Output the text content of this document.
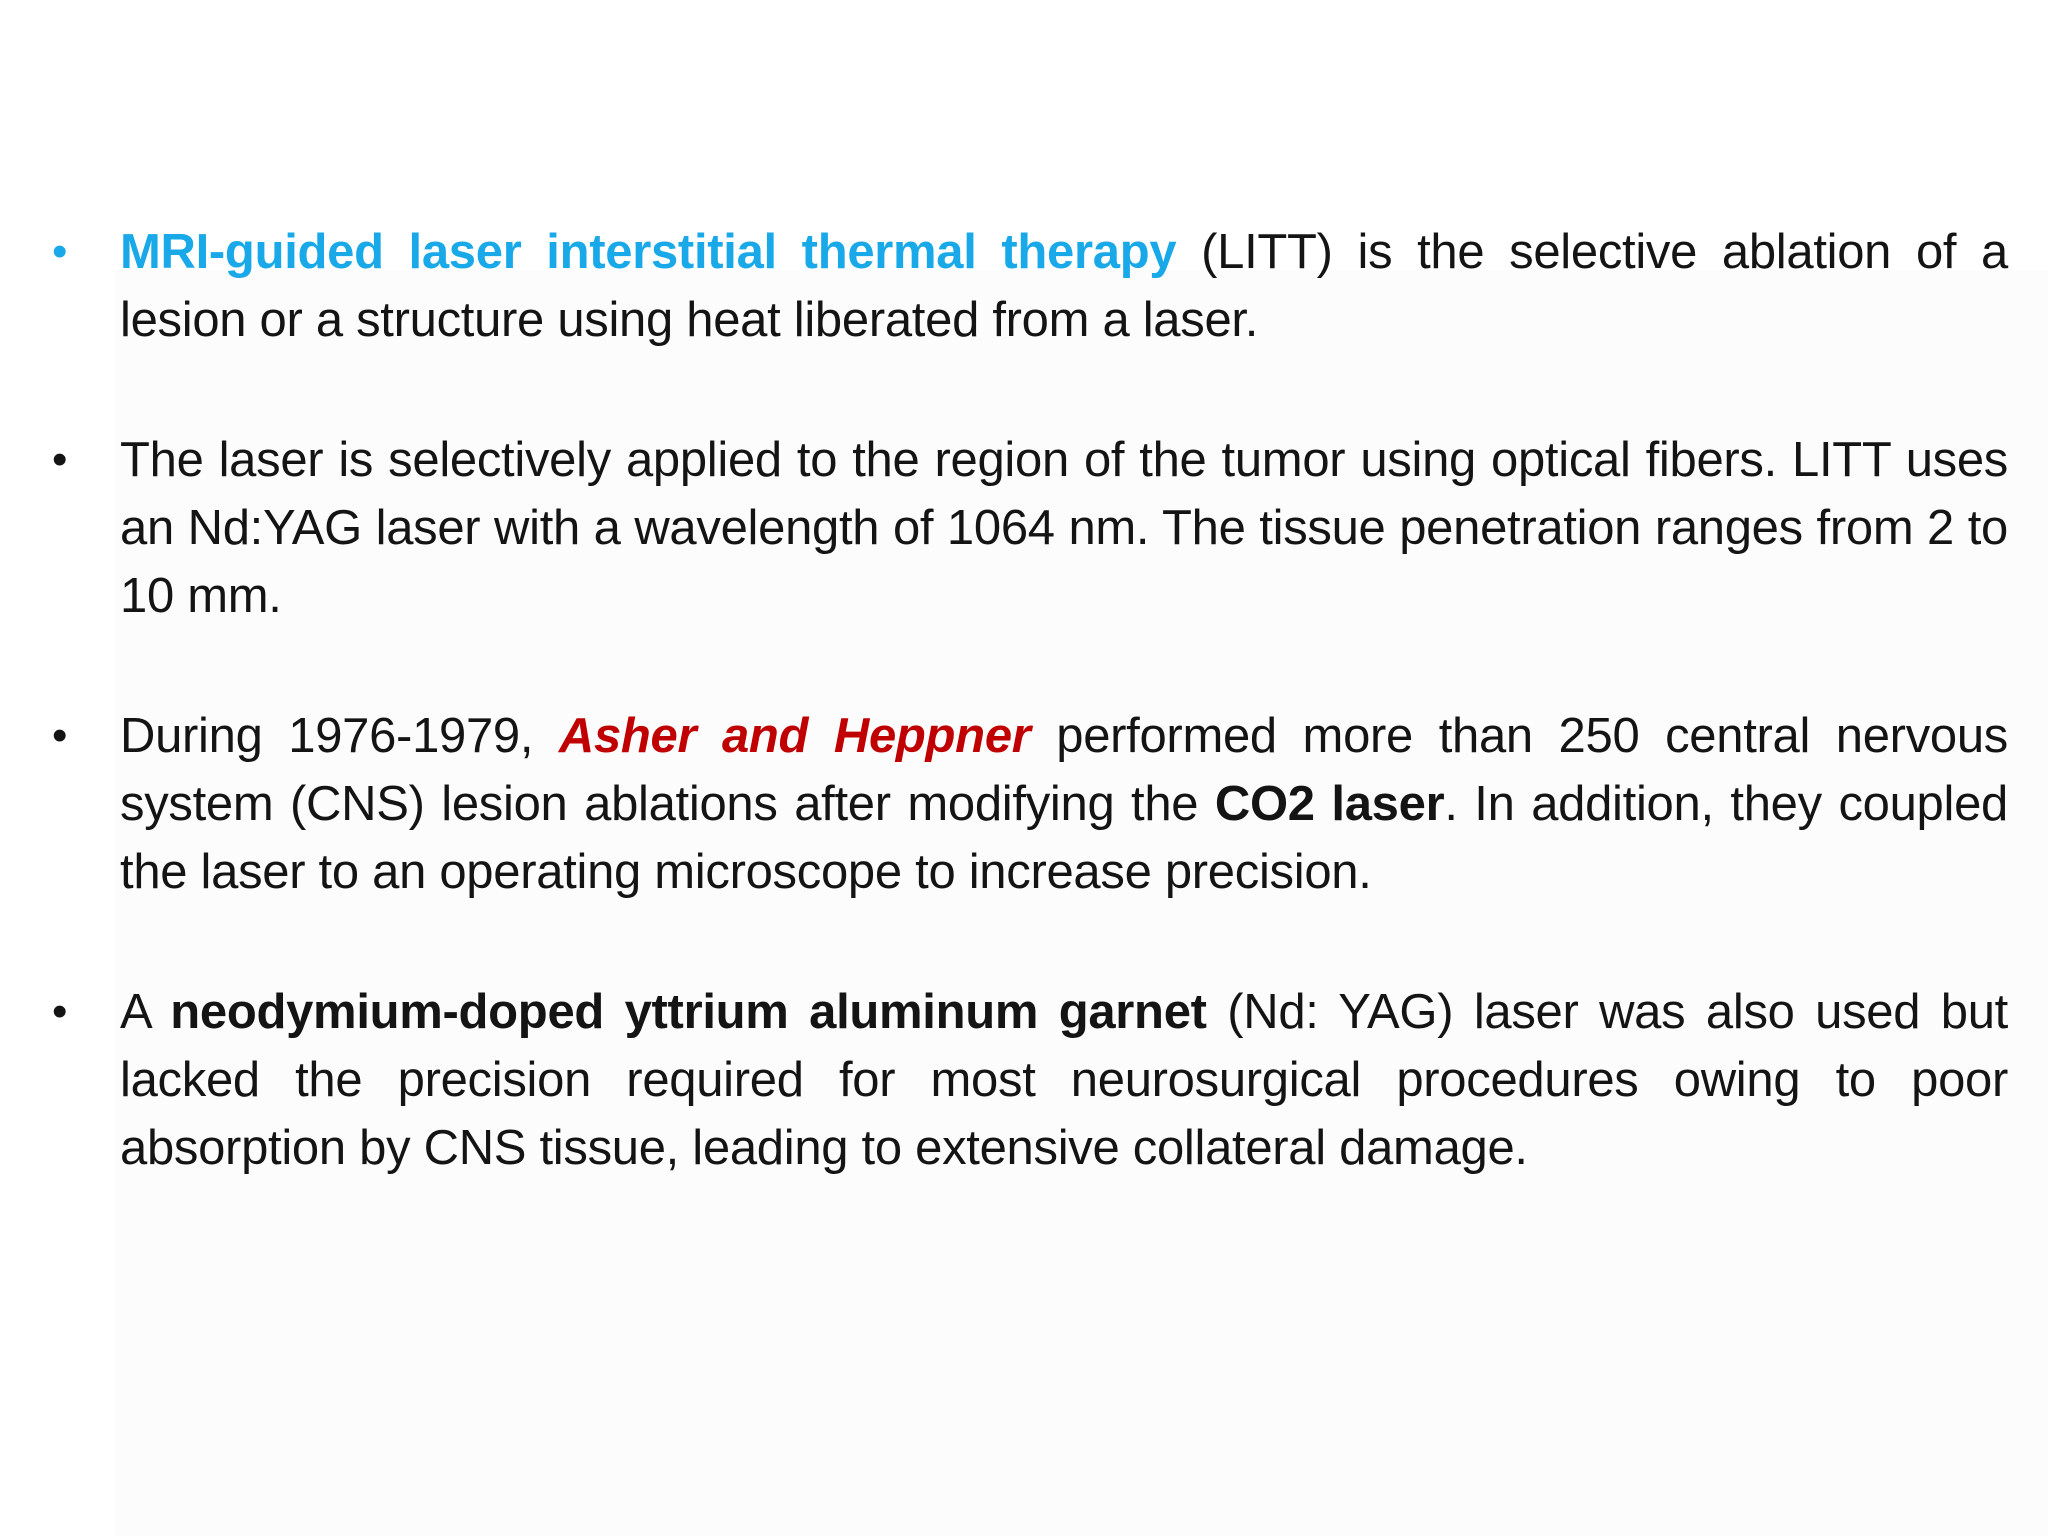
•	MRI-guided laser interstitial thermal therapy (LITT) is the selective ablation of a lesion or a structure using heat liberated from a laser.
•	The laser is selectively applied to the region of the tumor using optical fibers. LITT uses an Nd:YAG laser with a wavelength of 1064 nm. The tissue penetration ranges from 2 to 10 mm.
•	During 1976-1979, Asher and Heppner performed more than 250 central nervous system (CNS) lesion ablations after modifying the CO2 laser. In addition, they coupled the laser to an operating microscope to increase precision.
•	A neodymium-doped yttrium aluminum garnet (Nd: YAG) laser was also used but lacked the precision required for most neurosurgical procedures owing to poor absorption by CNS tissue, leading to extensive collateral damage.
